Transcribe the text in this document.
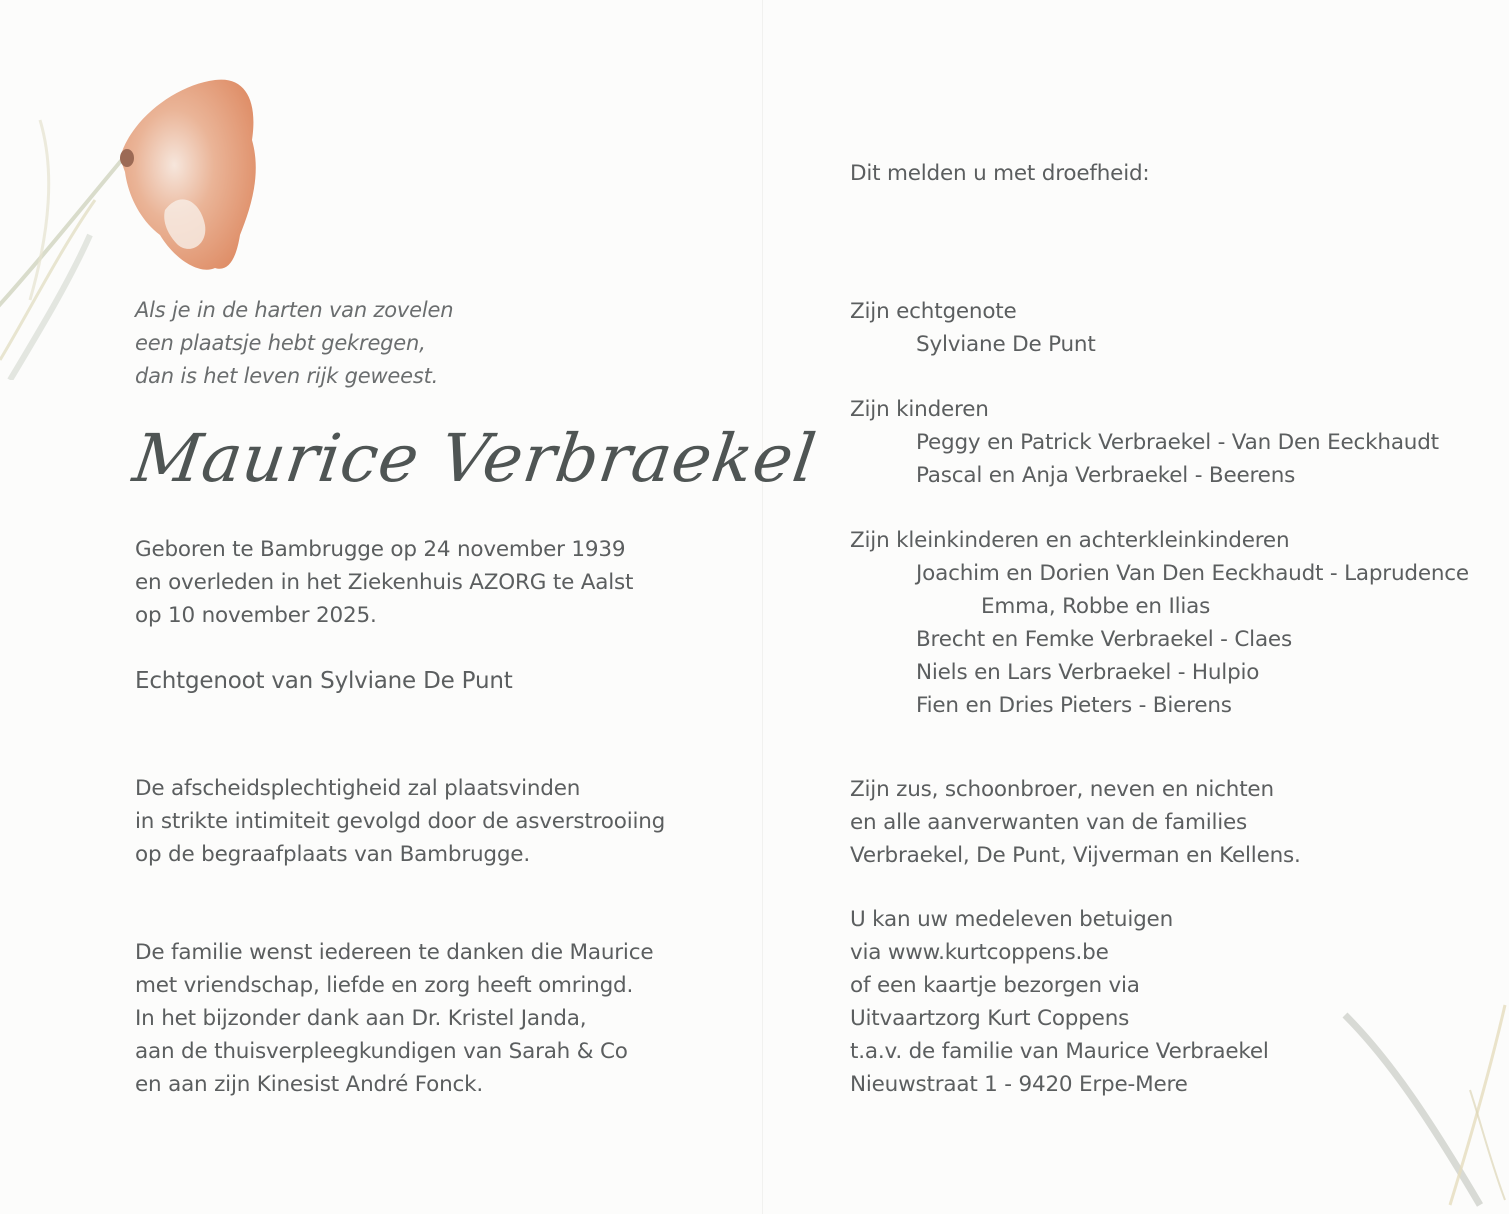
Als je in de harten van zovelen
een plaatsje hebt gekregen,
dan is het leven rijk geweest.
Maurice Verbraekel
Geboren te Bambrugge op 24 november 1939
en overleden in het Ziekenhuis AZORG te Aalst
op 10 november 2025.
Echtgenoot van Sylviane De Punt
De afscheidsplechtigheid zal plaatsvinden
in strikte intimiteit gevolgd door de asverstrooiing
op de begraafplaats van Bambrugge.
De familie wenst iedereen te danken die Maurice
met vriendschap, liefde en zorg heeft omringd.
In het bijzonder dank aan Dr. Kristel Janda,
aan de thuisverpleegkundigen van Sarah & Co
en aan zijn Kinesist André Fonck.
Dit melden u met droefheid:
Zijn echtgenote
Sylviane De Punt
Zijn kinderen
Peggy en Patrick Verbraekel - Van Den Eeckhaudt
Pascal en Anja Verbraekel - Beerens
Zijn kleinkinderen en achterkleinkinderen
Joachim en Dorien Van Den Eeckhaudt - Laprudence
Emma, Robbe en Ilias
Brecht en Femke Verbraekel - Claes
Niels en Lars Verbraekel - Hulpio
Fien en Dries Pieters - Bierens
Zijn zus, schoonbroer, neven en nichten
en alle aanverwanten van de families
Verbraekel, De Punt, Vijverman en Kellens.
U kan uw medeleven betuigen
via www.kurtcoppens.be
of een kaartje bezorgen via
Uitvaartzorg Kurt Coppens
t.a.v. de familie van Maurice Verbraekel
Nieuwstraat 1 - 9420 Erpe-Mere
